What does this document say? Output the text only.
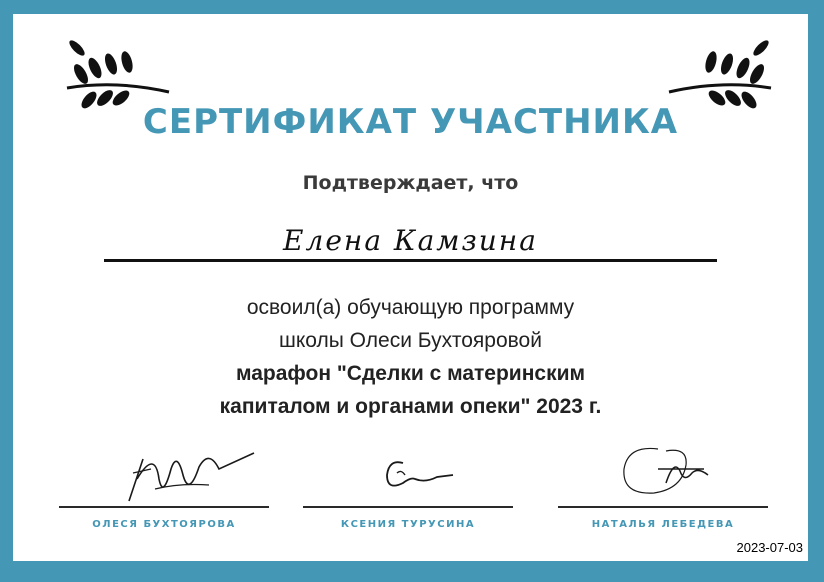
СЕРТИФИКАТ УЧАСТНИКА
Подтверждает, что
Елена Камзина
освоил(а) обучающую программу
школы Олеси Бухтояровой
марафон "Сделки с материнским
капиталом и органами опеки" 2023 г.
ОЛЕСЯ БУХТОЯРОВА	КСЕНИЯ ТУРУСИНА	НАТАЛЬЯ ЛЕБЕДЕВА
2023-07-03
